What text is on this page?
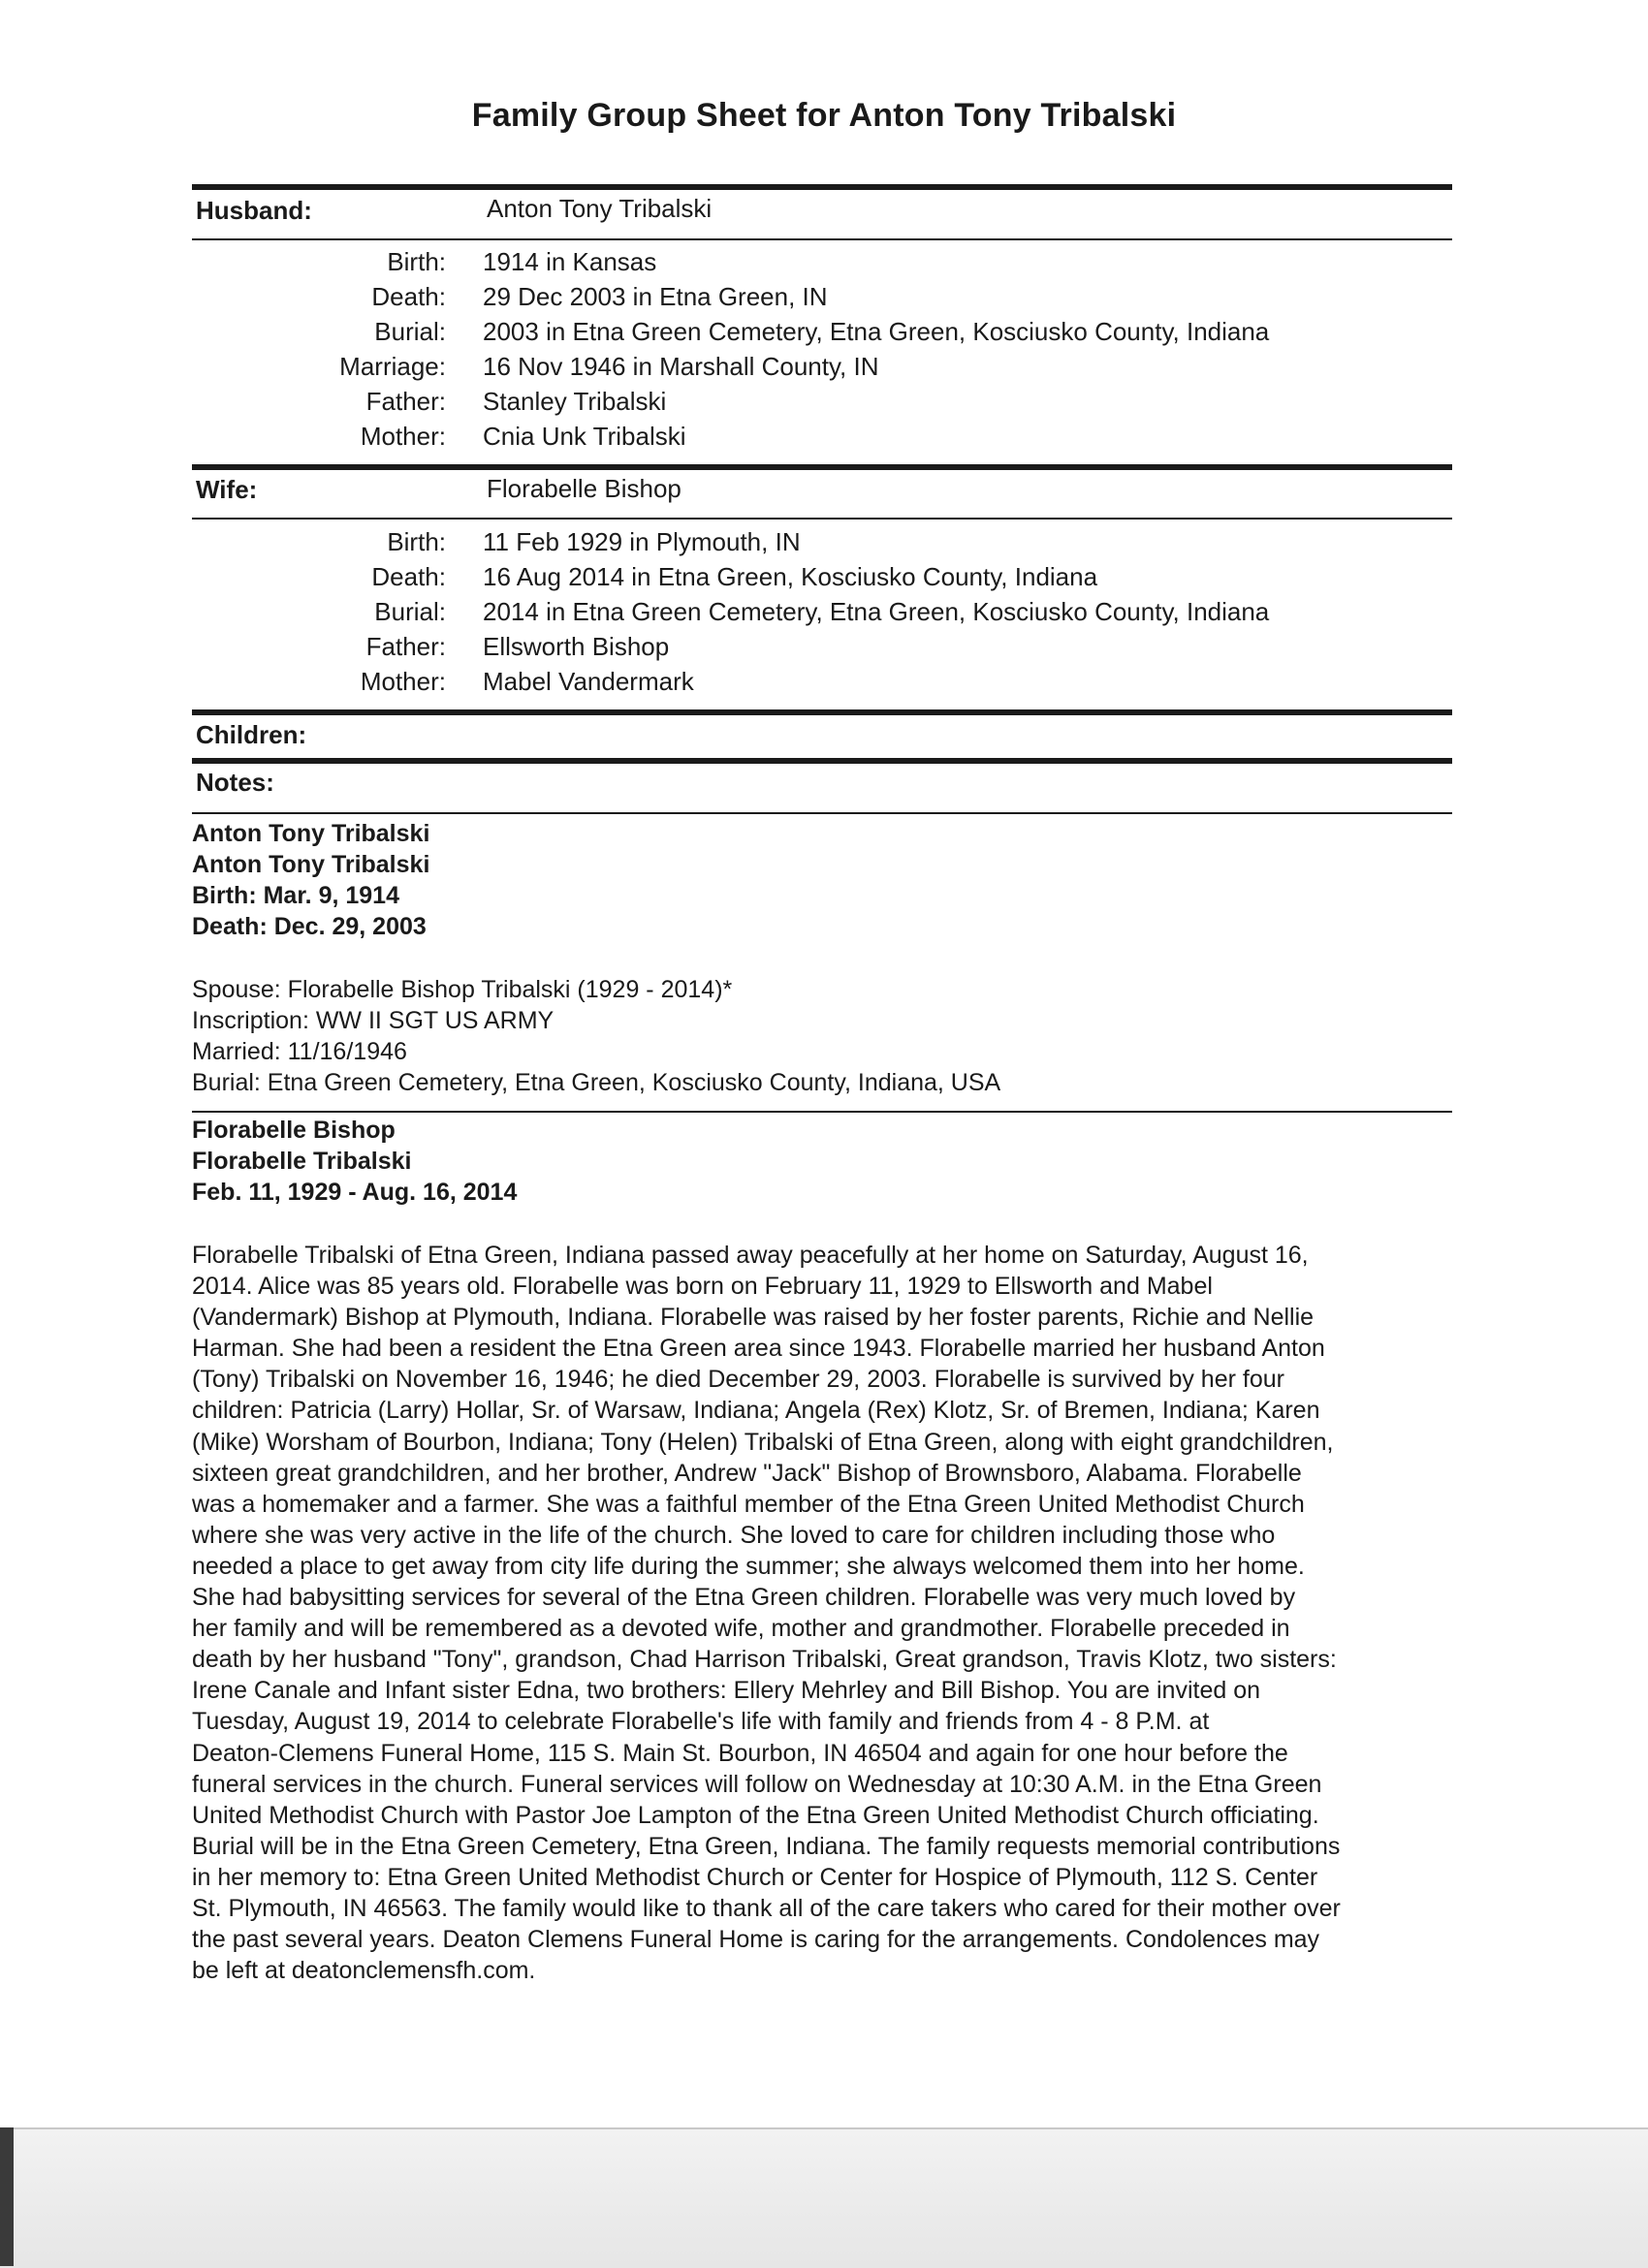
Family Group Sheet for Anton Tony Tribalski
Husband:	Anton Tony Tribalski
Birth: 1914 in Kansas
Death: 29 Dec 2003 in Etna Green, IN
Burial: 2003 in Etna Green Cemetery, Etna Green, Kosciusko County, Indiana
Marriage: 16 Nov 1946 in Marshall County, IN
Father: Stanley Tribalski
Mother: Cnia Unk Tribalski
Wife:	Florabelle Bishop
Birth: 11 Feb 1929 in Plymouth, IN
Death: 16 Aug 2014 in Etna Green, Kosciusko County, Indiana
Burial: 2014 in Etna Green Cemetery, Etna Green, Kosciusko County, Indiana
Father: Ellsworth Bishop
Mother: Mabel Vandermark
Children:
Notes:
Anton Tony Tribalski
Anton Tony Tribalski
Birth: Mar. 9, 1914
Death: Dec. 29, 2003
Spouse: Florabelle Bishop Tribalski (1929 - 2014)*
Inscription: WW II SGT US ARMY
Married: 11/16/1946
Burial: Etna Green Cemetery, Etna Green, Kosciusko County, Indiana, USA
Florabelle Bishop
Florabelle Tribalski
Feb. 11, 1929 - Aug. 16, 2014
Florabelle Tribalski of Etna Green, Indiana passed away peacefully at her home on Saturday, August 16,
2014. Alice was 85 years old. Florabelle was born on February 11, 1929 to Ellsworth and Mabel
(Vandermark) Bishop at Plymouth, Indiana. Florabelle was raised by her foster parents, Richie and Nellie
Harman. She had been a resident the Etna Green area since 1943. Florabelle married her husband Anton
(Tony) Tribalski on November 16, 1946; he died December 29, 2003. Florabelle is survived by her four
children: Patricia (Larry) Hollar, Sr. of Warsaw, Indiana; Angela (Rex) Klotz, Sr. of Bremen, Indiana; Karen
(Mike) Worsham of Bourbon, Indiana; Tony (Helen) Tribalski of Etna Green, along with eight grandchildren,
sixteen great grandchildren, and her brother, Andrew "Jack" Bishop of Brownsboro, Alabama. Florabelle
was a homemaker and a farmer. She was a faithful member of the Etna Green United Methodist Church
where she was very active in the life of the church. She loved to care for children including those who
needed a place to get away from city life during the summer; she always welcomed them into her home.
She had babysitting services for several of the Etna Green children. Florabelle was very much loved by
her family and will be remembered as a devoted wife, mother and grandmother. Florabelle preceded in
death by her husband "Tony", grandson, Chad Harrison Tribalski, Great grandson, Travis Klotz, two sisters:
Irene Canale and Infant sister Edna, two brothers: Ellery Mehrley and Bill Bishop. You are invited on
Tuesday, August 19, 2014 to celebrate Florabelle's life with family and friends from 4 - 8 P.M. at
Deaton-Clemens Funeral Home, 115 S. Main St. Bourbon, IN 46504 and again for one hour before the
funeral services in the church. Funeral services will follow on Wednesday at 10:30 A.M. in the Etna Green
United Methodist Church with Pastor Joe Lampton of the Etna Green United Methodist Church officiating.
Burial will be in the Etna Green Cemetery, Etna Green, Indiana. The family requests memorial contributions
in her memory to: Etna Green United Methodist Church or Center for Hospice of Plymouth, 112 S. Center
St. Plymouth, IN 46563. The family would like to thank all of the care takers who cared for their mother over
the past several years. Deaton Clemens Funeral Home is caring for the arrangements. Condolences may
be left at deatonclemensfh.com.
